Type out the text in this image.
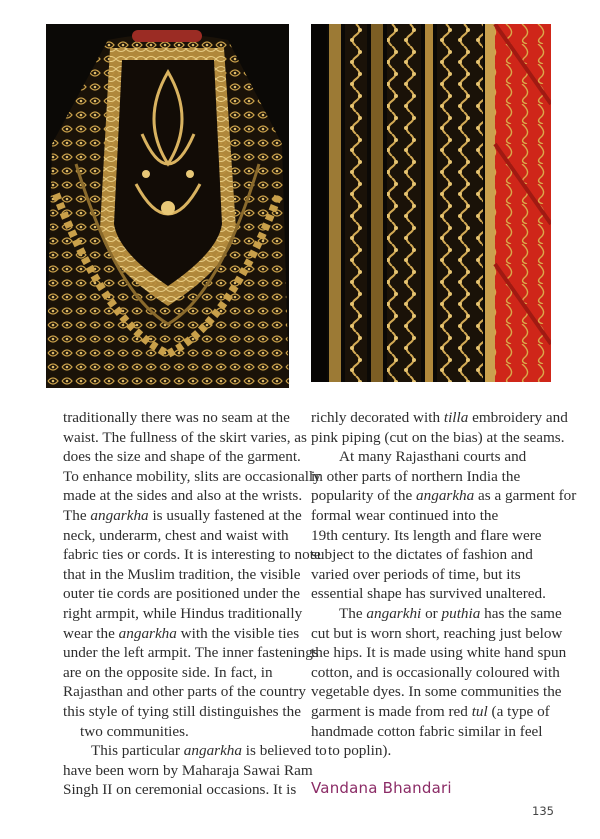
traditionally there was no seam at the
waist. The fullness of the skirt varies, as
does the size and shape of the garment.
To enhance mobility, slits are occasionally
made at the sides and also at the wrists.
The angarkha is usually fastened at the
neck, underarm, chest and waist with
fabric ties or cords. It is interesting to note
that in the Muslim tradition, the visible
outer tie cords are positioned under the
right armpit, while Hindus traditionally
wear the angarkha with the visible ties
under the left armpit. The inner fastenings
are on the opposite side. In fact, in
Rajasthan and other parts of the country
this style of tying still distinguishes the
two communities.
This particular angarkha is believed to
have been worn by Maharaja Sawai Ram
Singh II on ceremonial occasions. It is
richly decorated with tilla embroidery and
pink piping (cut on the bias) at the seams.
At many Rajasthani courts and
in other parts of northern India the
popularity of the angarkha as a garment for
formal wear continued into the
19th century. Its length and flare were
subject to the dictates of fashion and
varied over periods of time, but its
essential shape has survived unaltered.
The angarkhi or puthia has the same
cut but is worn short, reaching just below
the hips. It is made using white hand spun
cotton, and is occasionally coloured with
vegetable dyes. In some communities the
garment is made from red tul (a type of
handmade cotton fabric similar in feel
to poplin).
Vandana Bhandari
135
